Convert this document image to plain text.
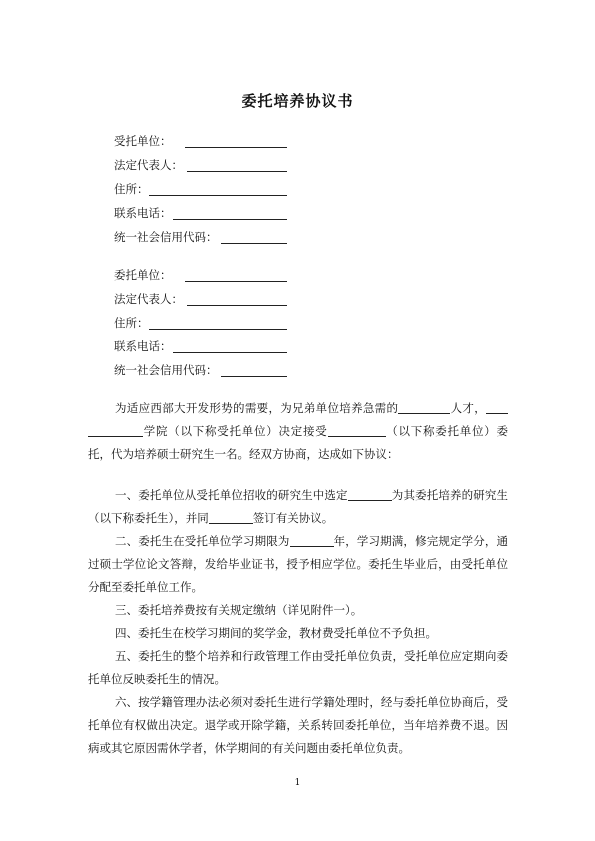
委托培养协议书
受托单位：
法定代表人：
住所：
联系电话：
统一社会信用代码：
委托单位：
法定代表人：
住所：
联系电话：
统一社会信用代码：
为适应西部大开发形势的需要，为兄弟单位培养急需的	人才，学院（以下称受托单位）决定接受	（以下称委托单位）委托，代为培养硕士研究生一名。经双方协商，达成如下协议：
一、委托单位从受托单位招收的研究生中选定	为其委托培养的研究生（以下称委托生），并同	签订有关协议。
二、委托生在受托单位学习期限为	年，学习期满，修完规定学分，通过硕士学位论文答辩，发给毕业证书，授予相应学位。委托生毕业后，由受托单位分配至委托单位工作。
三、委托培养费按有关规定缴纳（详见附件一）。
四、委托生在校学习期间的奖学金，教材费受托单位不予负担。
五、委托生的整个培养和行政管理工作由受托单位负责，受托单位应定期向委托单位反映委托生的情况。
六、按学籍管理办法必须对委托生进行学籍处理时，经与委托单位协商后，受托单位有权做出决定。退学或开除学籍，关系转回委托单位，当年培养费不退。因病或其它原因需休学者，休学期间的有关问题由委托单位负责。
1
